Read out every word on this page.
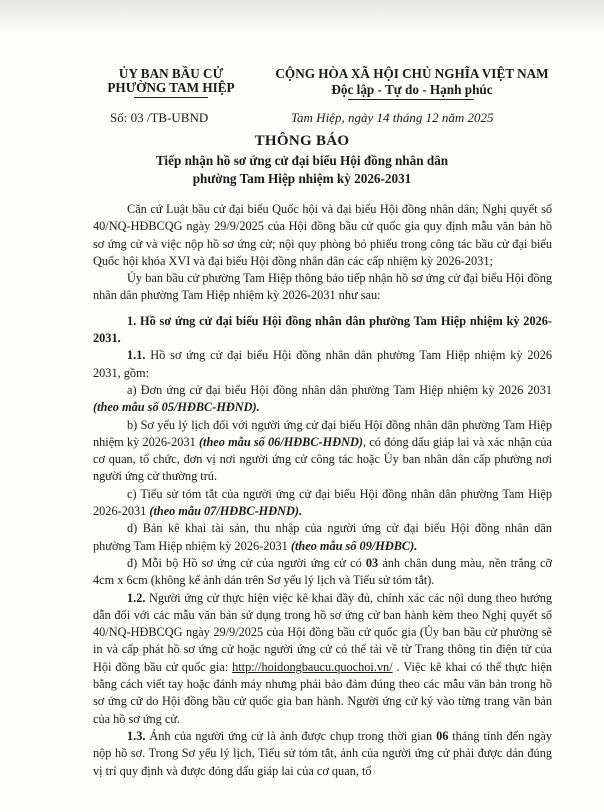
ỦY BAN BẦU CỬ
PHƯỜNG TAM HIỆP
CỘNG HÒA XÃ HỘI CHỦ NGHĨA VIỆT NAM
Độc lập - Tự do - Hạnh phúc
Số: 03 /TB-UBND	Tam Hiệp, ngày 14 tháng 12 năm 2025
THÔNG BÁO
Tiếp nhận hồ sơ ứng cử đại biểu Hội đồng nhân dân
phường Tam Hiệp nhiệm kỳ 2026-2031

Căn cứ Luật bầu cử đại biểu Quốc hội và đại biểu Hội đồng nhân dân; Nghị quyết số 40/NQ-HĐBCQG ngày 29/9/2025 của Hội đồng bầu cử quốc gia quy định mẫu văn bản hồ sơ ứng cử và việc nộp hồ sơ ứng cử; nội quy phòng bỏ phiếu trong công tác bầu cử đại biểu Quốc hội khóa XVI và đại biểu Hội đồng nhân dân các cấp nhiệm kỳ 2026-2031;

Ủy ban bầu cử phường Tam Hiệp thông báo tiếp nhận hồ sơ ứng cử đại biểu Hội đồng nhân dân phường Tam Hiệp nhiệm kỳ 2026-2031 như sau:

1. Hồ sơ ứng cử đại biểu Hội đồng nhân dân phường Tam Hiệp nhiệm kỳ 2026-2031.

1.1. Hồ sơ ứng cử đại biểu Hội đồng nhân dân phường Tam Hiệp nhiệm kỳ 2026 2031, gồm:

a) Đơn ứng cử đại biểu Hội đồng nhân dân phường Tam Hiệp nhiệm kỳ 2026 2031 (theo mẫu số 05/HĐBC-HĐND).

b) Sơ yếu lý lịch đối với người ứng cử đại biểu Hội đồng nhân dân phường Tam Hiệp nhiệm kỳ 2026-2031 (theo mẫu số 06/HĐBC-HĐND), có đóng dấu giáp lai và xác nhận của cơ quan, tổ chức, đơn vị nơi người ứng cử công tác hoặc Ủy ban nhân dân cấp phường nơi người ứng cử thường trú.

c) Tiểu sử tóm tắt của người ứng cử đại biểu Hội đồng nhân dân phường Tam Hiệp 2026-2031 (theo mẫu 07/HĐBC-HĐND).

d) Bản kê khai tài sản, thu nhập của người ứng cử đại biểu Hội đồng nhân dân phường Tam Hiệp nhiệm kỳ 2026-2031 (theo mẫu số 09/HĐBC).

đ) Mỗi bộ Hồ sơ ứng cử của người ứng cử có 03 ảnh chân dung màu, nền trắng cỡ 4cm x 6cm (không kể ảnh dán trên Sơ yếu lý lịch và Tiểu sử tóm tắt).

1.2. Người ứng cử thực hiện việc kê khai đầy đủ, chính xác các nội dung theo hướng dẫn đối với các mẫu văn bản sử dụng trong hồ sơ ứng cử ban hành kèm theo Nghị quyết số 40/NQ-HĐBCQG ngày 29/9/2025 của Hội đồng bầu cử quốc gia (Ủy ban bầu cử phường sẽ in và cấp phát hồ sơ ứng cử hoặc người ứng cử có thể tải về từ Trang thông tin điện tử của Hội đồng bầu cử quốc gia: http://hoidongbaucu.quochoi.vn/ . Việc kê khai có thể thực hiện bằng cách viết tay hoặc đánh máy nhưng phải bảo đảm đúng theo các mẫu văn bản trong hồ sơ ứng cử do Hội đồng bầu cử quốc gia ban hành. Người ứng cử ký vào từng trang văn bản của hồ sơ ứng cử.

1.3. Ảnh của người ứng cử là ảnh được chụp trong thời gian 06 tháng tính đến ngày nộp hồ sơ. Trong Sơ yếu lý lịch, Tiểu sử tóm tắt, ảnh của người ứng cử phải được dán đúng vị trí quy định và được đóng dấu giáp lai của cơ quan, tổ
